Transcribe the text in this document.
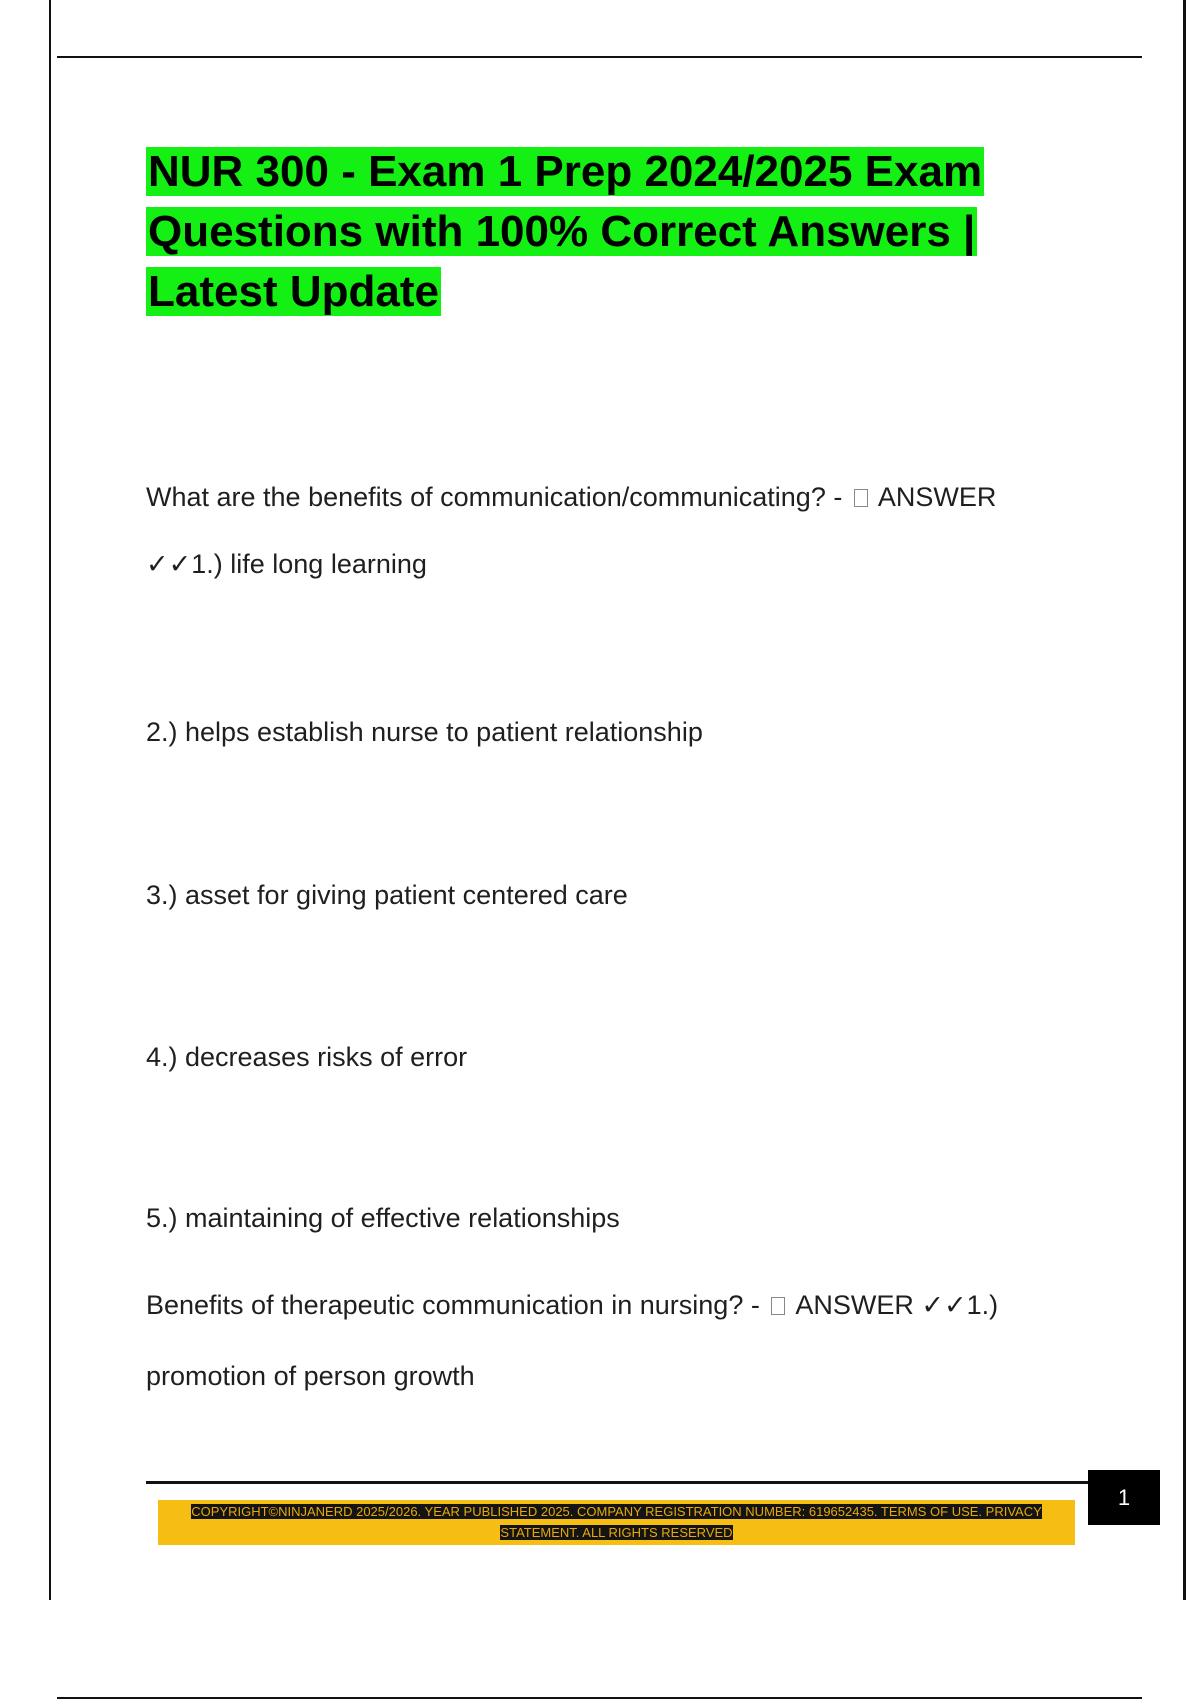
NUR 300 - Exam 1 Prep 2024/2025 Exam Questions with 100% Correct Answers | Latest Update

What are the benefits of communication/communicating? - ANSWER

✓✓1.) life long learning

2.) helps establish nurse to patient relationship

3.) asset for giving patient centered care

4.) decreases risks of error

5.) maintaining of effective relationships

Benefits of therapeutic communication in nursing? - ANSWER ✓✓1.)

promotion of person growth

COPYRIGHT©NINJANERD 2025/2026. YEAR PUBLISHED 2025. COMPANY REGISTRATION NUMBER: 619652435. TERMS OF USE. PRIVACY STATEMENT. ALL RIGHTS RESERVED

1
